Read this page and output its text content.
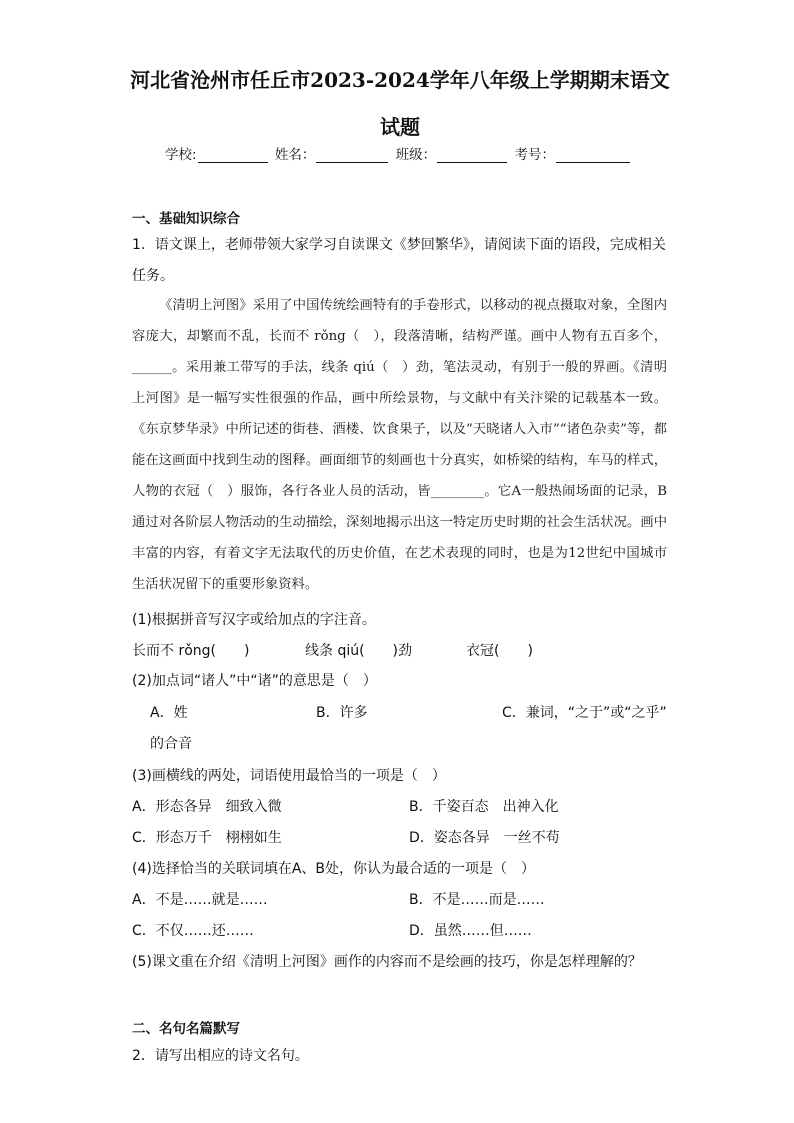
河北省沧州市任丘市2023-2024学年八年级上学期期末语文
试题
学校:	姓名：	班级：	考号：
一、基础知识综合
1．语文课上，老师带领大家学习自读课文《梦回繁华》，请阅读下面的语段，完成相关
任务。
《清明上河图》采用了中国传统绘画特有的手卷形式，以移动的视点摄取对象，全图内容庞大，却繁而不乱，长而不 rǒng（　），段落清晰，结构严谨。画中人物有五百多个，______。采用兼工带写的手法，线条 qiú（　）劲，笔法灵动，有别于一般的界画。《清明上河图》是一幅写实性很强的作品，画中所绘景物，与文献中有关汴梁的记载基本一致。《东京梦华录》中所记述的街巷、酒楼、饮食果子，以及“天晓诸人入市”“诸色杂卖”等，都能在这画面中找到生动的图释。画面细节的刻画也十分真实，如桥梁的结构，车马的样式，人物的衣冠（　）服饰，各行各业人员的活动，皆________。它A一般热闹场面的记录，B通过对各阶层人物活动的生动描绘，深刻地揭示出这一特定历史时期的社会生活状况。画中丰富的内容，有着文字无法取代的历史价值，在艺术表现的同时，也是为12世纪中国城市生活状况留下的重要形象资料。
(1)根据拼音写汉字或给加点的字注音。
长而不 rǒng(　　)	线条 qiú(　　)劲	衣冠(　　)
(2)加点词“诸人”中“诸”的意思是（　）
A．姓	B．许多	C．兼词，“之于”或“之乎”
的合音
(3)画横线的两处，词语使用最恰当的一项是（　）
A．形态各异　细致入微	B．千姿百态　出神入化
C．形态万千　栩栩如生	D．姿态各异　一丝不苟
(4)选择恰当的关联词填在A、B处，你认为最合适的一项是（　）
A．不是……就是……	B．不是……而是……
C．不仅……还……	D．虽然……但……
(5)课文重在介绍《清明上河图》画作的内容而不是绘画的技巧，你是怎样理解的？
二、名句名篇默写
2．请写出相应的诗文名句。
